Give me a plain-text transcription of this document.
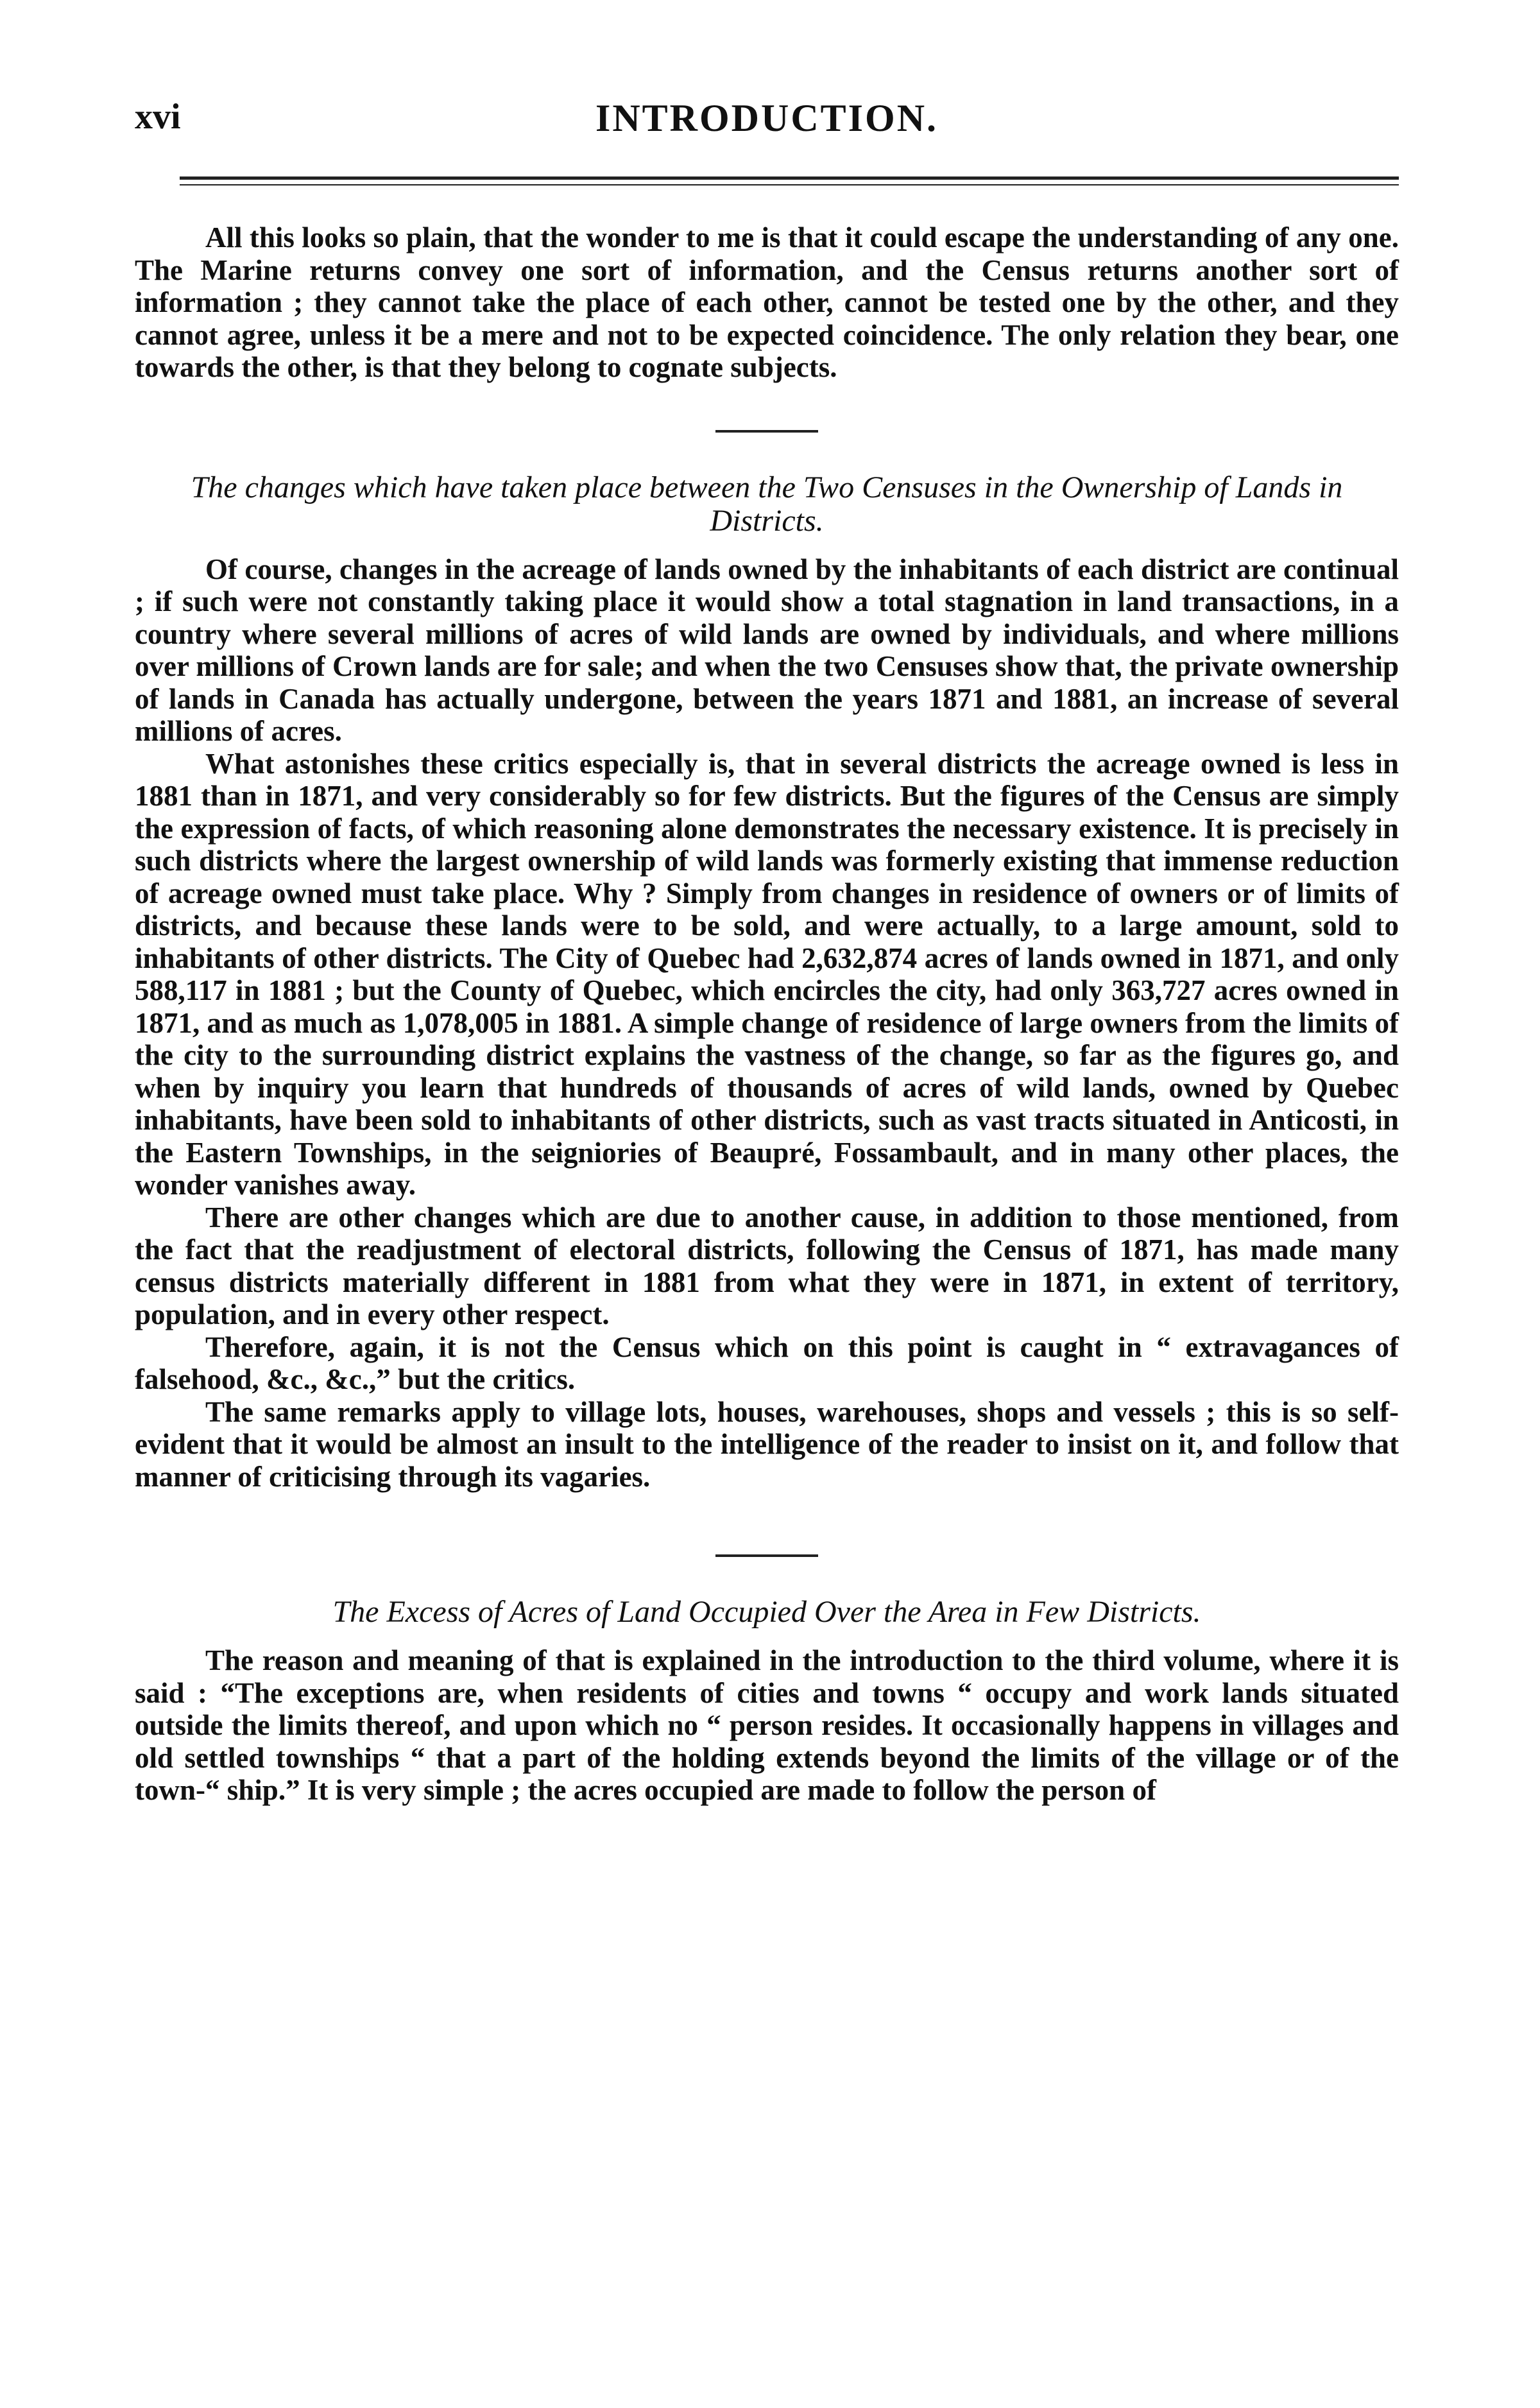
xvi	INTRODUCTION.

All this looks so plain, that the wonder to me is that it could escape the understanding of any one. The Marine returns convey one sort of information, and the Census returns another sort of information ; they cannot take the place of each other, cannot be tested one by the other, and they cannot agree, unless it be a mere and not to be expected coincidence. The only relation they bear, one towards the other, is that they belong to cognate subjects.

The changes which have taken place between the Two Censuses in the Ownership of Lands in Districts.

Of course, changes in the acreage of lands owned by the inhabitants of each district are continual ; if such were not constantly taking place it would show a total stagnation in land transactions, in a country where several millions of acres of wild lands are owned by individuals, and where millions over millions of Crown lands are for sale; and when the two Censuses show that, the private ownership of lands in Canada has actually undergone, between the years 1871 and 1881, an increase of several millions of acres.

What astonishes these critics especially is, that in several districts the acreage owned is less in 1881 than in 1871, and very considerably so for few districts. But the figures of the Census are simply the expression of facts, of which reasoning alone demonstrates the necessary existence. It is precisely in such districts where the largest ownership of wild lands was formerly existing that immense reduction of acreage owned must take place. Why ? Simply from changes in residence of owners or of limits of districts, and because these lands were to be sold, and were actually, to a large amount, sold to inhabitants of other districts. The City of Quebec had 2,632,874 acres of lands owned in 1871, and only 588,117 in 1881 ; but the County of Quebec, which encircles the city, had only 363,727 acres owned in 1871, and as much as 1,078,005 in 1881. A simple change of residence of large owners from the limits of the city to the surrounding district explains the vastness of the change, so far as the figures go, and when by inquiry you learn that hundreds of thousands of acres of wild lands, owned by Quebec inhabitants, have been sold to inhabitants of other districts, such as vast tracts situated in Anticosti, in the Eastern Townships, in the seigniories of Beaupré, Fossambault, and in many other places, the wonder vanishes away.

There are other changes which are due to another cause, in addition to those mentioned, from the fact that the readjustment of electoral districts, following the Census of 1871, has made many census districts materially different in 1881 from what they were in 1871, in extent of territory, population, and in every other respect.

Therefore, again, it is not the Census which on this point is caught in “ extravagances of falsehood, &c., &c.,” but the critics.

The same remarks apply to village lots, houses, warehouses, shops and vessels ; this is so self-evident that it would be almost an insult to the intelligence of the reader to insist on it, and follow that manner of criticising through its vagaries.

The Excess of Acres of Land Occupied Over the Area in Few Districts.

The reason and meaning of that is explained in the introduction to the third volume, where it is said : “The exceptions are, when residents of cities and towns “ occupy and work lands situated outside the limits thereof, and upon which no “ person resides. It occasionally happens in villages and old settled townships “ that a part of the holding extends beyond the limits of the village or of the town-“ ship.” It is very simple ; the acres occupied are made to follow the person of
